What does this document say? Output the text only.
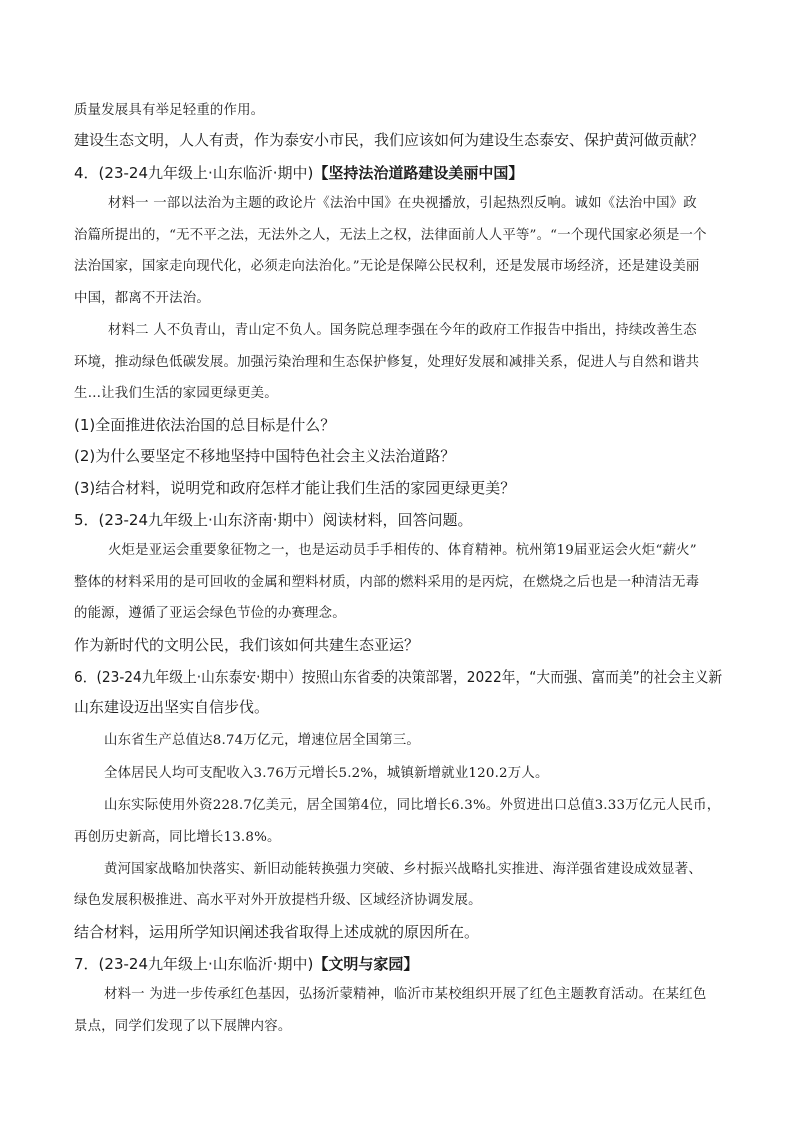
质量发展具有举足轻重的作用。
建设生态文明，人人有责，作为泰安小市民，我们应该如何为建设生态泰安、保护黄河做贡献？
4．(23-24九年级上·山东临沂·期中)【坚持法治道路建设美丽中国】
材料一 一部以法治为主题的政论片《法治中国》在央视播放，引起热烈反响。诚如《法治中国》政
治篇所提出的，“无不平之法，无法外之人，无法上之权，法律面前人人平等”。“一个现代国家必须是一个
法治国家，国家走向现代化，必须走向法治化。”无论是保障公民权利，还是发展市场经济，还是建设美丽
中国，都离不开法治。
材料二 人不负青山，青山定不负人。国务院总理李强在今年的政府工作报告中指出，持续改善生态
环境，推动绿色低碳发展。加强污染治理和生态保护修复，处理好发展和减排关系，促进人与自然和谐共
生…让我们生活的家园更绿更美。
(1)全面推进依法治国的总目标是什么？
(2)为什么要坚定不移地坚持中国特色社会主义法治道路？
(3)结合材料，说明党和政府怎样才能让我们生活的家园更绿更美？
5．(23-24九年级上·山东济南·期中）阅读材料，回答问题。
火炬是亚运会重要象征物之一，也是运动员手手相传的、体育精神。杭州第19届亚运会火炬“薪火”
整体的材料采用的是可回收的金属和塑料材质，内部的燃料采用的是丙烷，在燃烧之后也是一种清洁无毒
的能源，遵循了亚运会绿色节俭的办赛理念。
作为新时代的文明公民，我们该如何共建生态亚运？
6．(23-24九年级上·山东泰安·期中）按照山东省委的决策部署，2022年，“大而强、富而美”的社会主义新
山东建设迈出坚实自信步伐。
山东省生产总值达8.74万亿元，增速位居全国第三。
全体居民人均可支配收入3.76万元增长5.2%，城镇新增就业120.2万人。
山东实际使用外资228.7亿美元，居全国第4位，同比增长6.3%。外贸进出口总值3.33万亿元人民币，
再创历史新高，同比增长13.8%。
黄河国家战略加快落实、新旧动能转换强力突破、乡村振兴战略扎实推进、海洋强省建设成效显著、
绿色发展积极推进、高水平对外开放提档升级、区域经济协调发展。
结合材料，运用所学知识阐述我省取得上述成就的原因所在。
7．(23-24九年级上·山东临沂·期中)【文明与家园】
材料一 为进一步传承红色基因，弘扬沂蒙精神，临沂市某校组织开展了红色主题教育活动。在某红色
景点，同学们发现了以下展牌内容。
